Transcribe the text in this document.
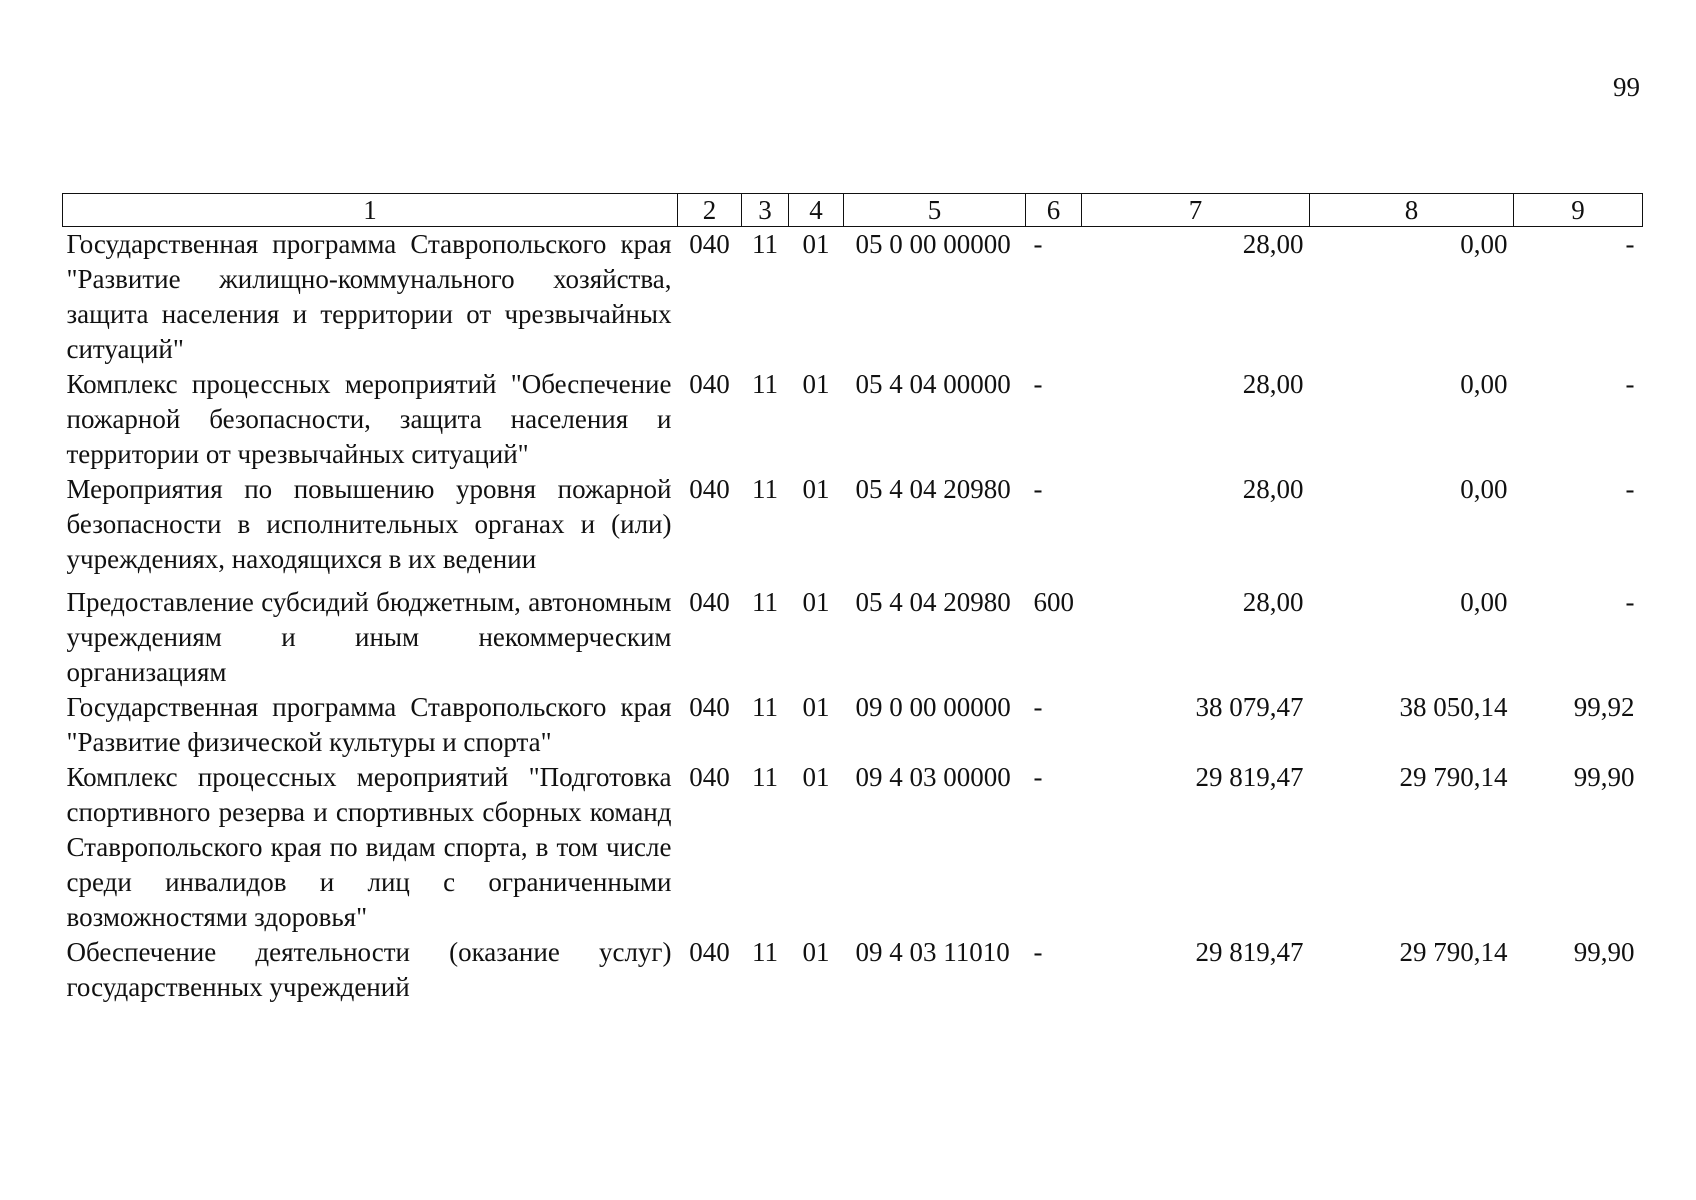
99
1	2	3	4	5	6	7	8	9
Государственная программа Ставропольского края "Развитие жилищно-коммунального хозяйства, защита населения и территории от чрезвычайных ситуаций"	040	11	01	05 0 00 00000	-	28,00	0,00	-
Комплекс процессных мероприятий "Обеспечение пожарной безопасности, защита населения и территории от чрезвычайных ситуаций"	040	11	01	05 4 04 00000	-	28,00	0,00	-
Мероприятия по повышению уровня пожарной безопасности в исполнительных органах и (или) учреждениях, находящихся в их ведении	040	11	01	05 4 04 20980	-	28,00	0,00	-
Предоставление субсидий бюджетным, автономным учреждениям и иным некоммерческим организациям	040	11	01	05 4 04 20980	600	28,00	0,00	-
Государственная программа Ставропольского края "Развитие физической культуры и спорта"	040	11	01	09 0 00 00000	-	38 079,47	38 050,14	99,92
Комплекс процессных мероприятий "Подготовка спортивного резерва и спортивных сборных команд Ставропольского края по видам спорта, в том числе среди инвалидов и лиц с ограниченными возможностями здоровья"	040	11	01	09 4 03 00000	-	29 819,47	29 790,14	99,90
Обеспечение деятельности (оказание услуг) государственных учреждений	040	11	01	09 4 03 11010	-	29 819,47	29 790,14	99,90
